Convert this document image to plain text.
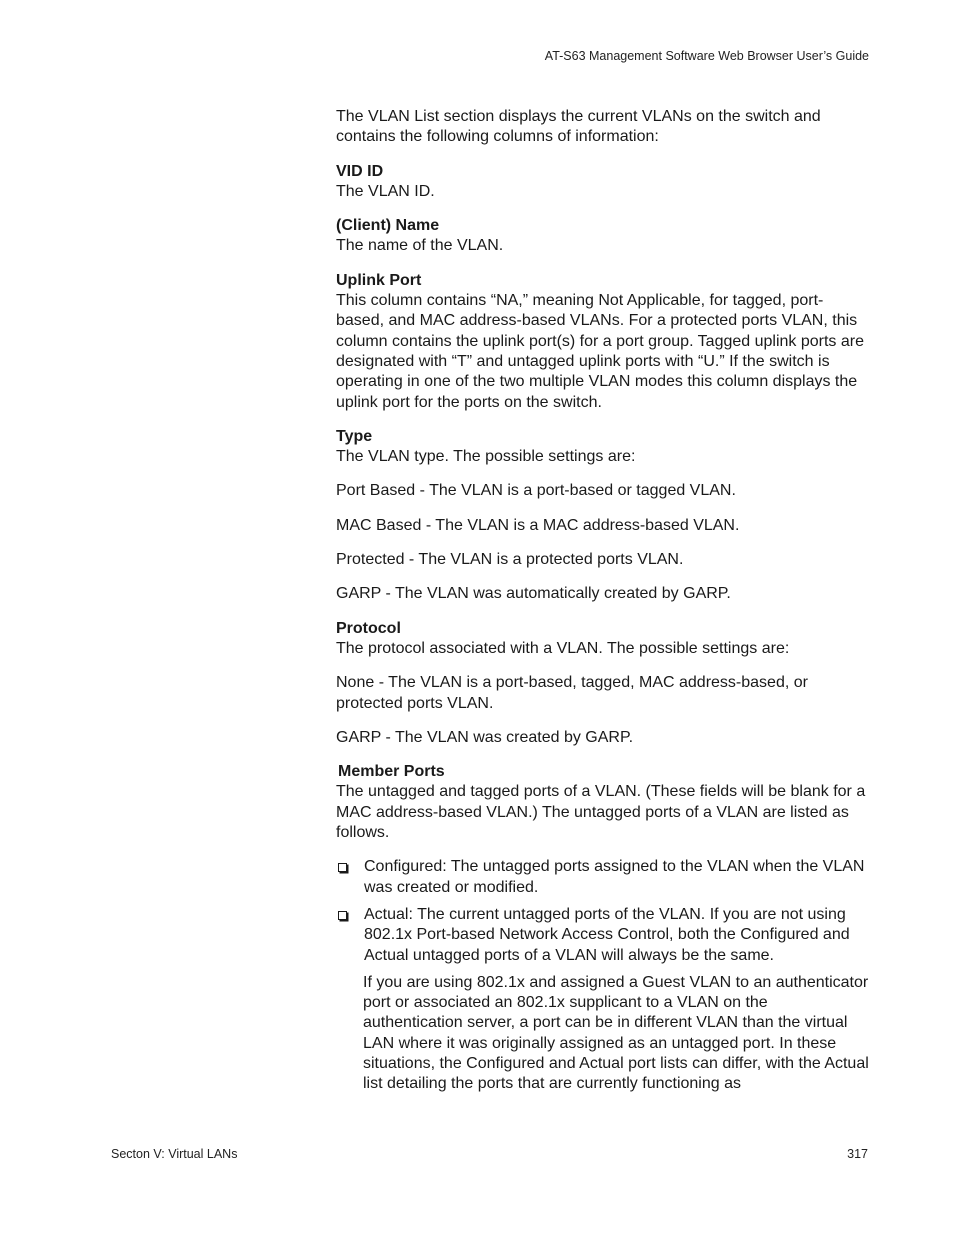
AT-S63 Management Software Web Browser User’s Guide

The VLAN List section displays the current VLANs on the switch and contains the following columns of information:

VID ID
The VLAN ID.
(Client) Name
The name of the VLAN.
Uplink Port
This column contains “NA,” meaning Not Applicable, for tagged, port-based, and MAC address-based VLANs. For a protected ports VLAN, this column contains the uplink port(s) for a port group. Tagged uplink ports are designated with “T” and untagged uplink ports with “U.” If the switch is operating in one of the two multiple VLAN modes this column displays the uplink port for the ports on the switch.
Type
The VLAN type. The possible settings are:

Port Based - The VLAN is a port-based or tagged VLAN.

MAC Based - The VLAN is a MAC address-based VLAN.

Protected - The VLAN is a protected ports VLAN.

GARP - The VLAN was automatically created by GARP.

Protocol
The protocol associated with a VLAN. The possible settings are:

None - The VLAN is a port-based, tagged, MAC address-based, or protected ports VLAN.

GARP - The VLAN was created by GARP.

Member Ports
The untagged and tagged ports of a VLAN. (These fields will be blank for a MAC address-based VLAN.) The untagged ports of a VLAN are listed as follows.
Configured: The untagged ports assigned to the VLAN when the VLAN was created or modified.
Actual: The current untagged ports of the VLAN. If you are not using 802.1x Port-based Network Access Control, both the Configured and Actual untagged ports of a VLAN will always be the same.

If you are using 802.1x and assigned a Guest VLAN to an authenticator port or associated an 802.1x supplicant to a VLAN on the authentication server, a port can be in different VLAN than the virtual LAN where it was originally assigned as an untagged port. In these situations, the Configured and Actual port lists can differ, with the Actual list detailing the ports that are currently functioning as

Secton V: Virtual LANs	317
